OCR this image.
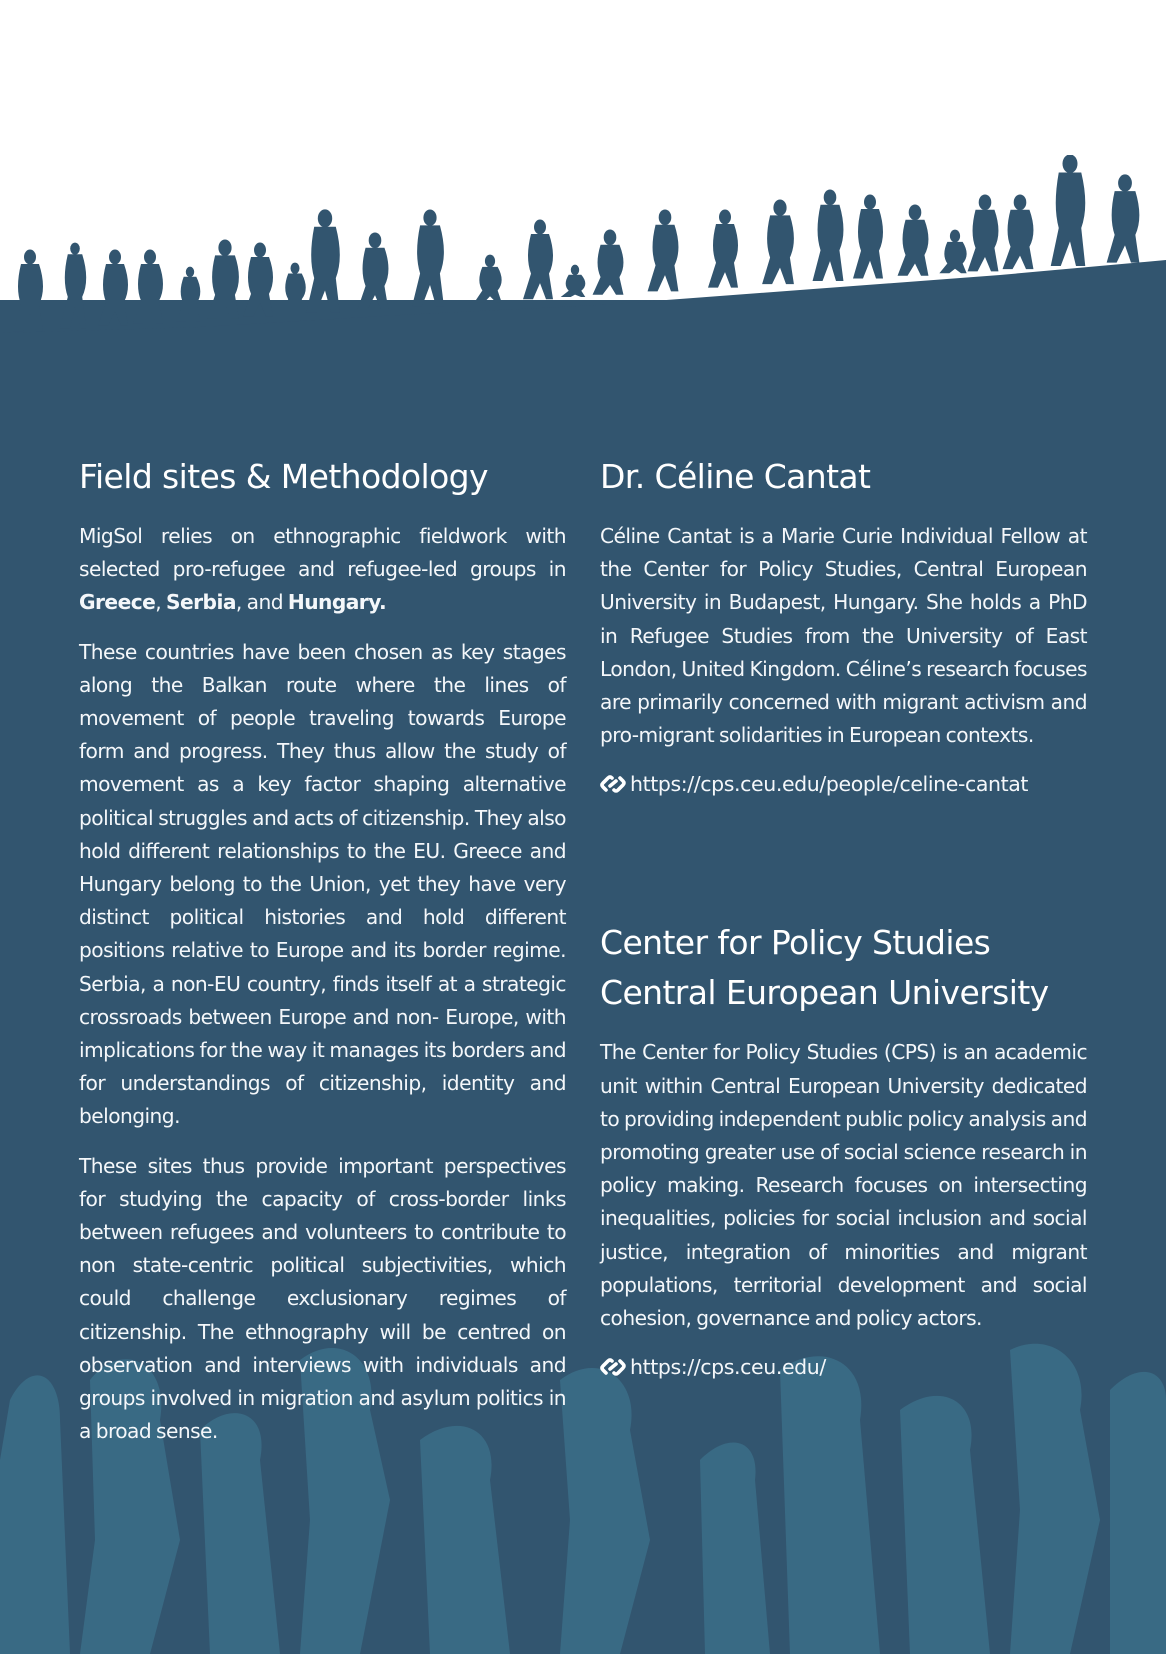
Field sites & Methodology

MigSol relies on ethnographic fieldwork with selected pro-refugee and refugee-led groups in Greece, Serbia, and Hungary.

These countries have been chosen as key stages along the Balkan route where the lines of movement of people traveling towards Europe form and progress. They thus allow the study of movement as a key factor shaping alternative political struggles and acts of citizenship. They also hold different relationships to the EU. Greece and Hungary belong to the Union, yet they have very distinct political histories and hold different positions relative to Europe and its border regime. Serbia, a non-EU country, finds itself at a strategic crossroads between Europe and non- Europe, with implications for the way it manages its borders and for understandings of citizenship, identity and belonging.

These sites thus provide important perspectives for studying the capacity of cross-border links between refugees and volunteers to contribute to non state-centric political subjectivities, which could challenge exclusionary regimes of citizenship. The ethnography will be centred on observation and interviews with individuals and groups involved in migration and asylum politics in a broad sense.

Dr. Céline Cantat

Céline Cantat is a Marie Curie Individual Fellow at the Center for Policy Studies, Central European University in Budapest, Hungary. She holds a PhD in Refugee Studies from the University of East London, United Kingdom. Céline’s research focuses are primarily concerned with migrant activism and pro-migrant solidarities in European contexts.

https://cps.ceu.edu/people/celine-cantat
Center for Policy Studies
Central European University

The Center for Policy Studies (CPS) is an academic unit within Central European University dedicated to providing independent public policy analysis and promoting greater use of social science research in policy making. Research focuses on intersecting inequalities, policies for social inclusion and social justice, integration of minorities and migrant populations, territorial development and social cohesion, governance and policy actors.

https://cps.ceu.edu/
